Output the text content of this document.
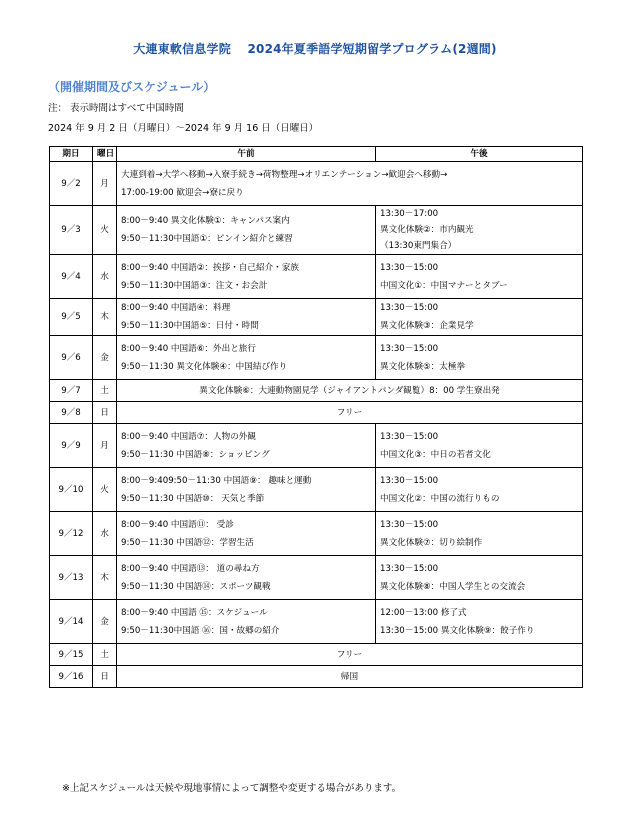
大連東軟信息学院　 2024年夏季語学短期留学プログラム(2週間)
（開催期間及びスケジュール）
注： 表示時間はすべて中国時間
2024 年 9 月 2 日（月曜日）～2024 年 9 月 16 日（日曜日）
期日	曜日	午前	午後
9／2	月	大連到着→大学へ移動→入寮手続き→荷物整理→オリエンテーション→歓迎会へ移動→
17:00-19:00 歓迎会→寮に戻り	

9／3	火	8:00－9:40 異文化体験①：キャンパス案内
9:50－11:30中国語①：ピンイン紹介と練習	13:30－17:00
異文化体験②：市内観光
（13:30東門集合）

9／4	水	8:00－9:40 中国語②：挨拶・自己紹介・家族
9:50－11:30中国語③：注文・お会計	13:30－15:00
中国文化①：中国マナーとタブー

9／5	木	8:00－9:40 中国語④：料理
9:50－11:30中国語⑤：日付・時間	13:30－15:00
異文化体験③：企業見学

9／6	金	8:00－9:40 中国語⑥：外出と旅行
9:50－11:30 異文化体験④：中国結び作り	13:30－15:00
異文化体験⑤：太極拳

9／7	土	異文化体験⑥：大連動物園見学（ジャイアントパンダ観覧）8：00 学生寮出発	
9／8	日	フリー	
9／9	月	8:00－9:40 中国語⑦：人物の外観
9:50－11:30 中国語⑧：ショッピング	13:30－15:00
中国文化③：中日の若者文化

9／10	火	8:00－9:409:50－11:30 中国語⑨： 趣味と運動
9:50－11:30 中国語⑩： 天気と季節	13:30－15:00
中国文化②：中国の流行りもの

9／12	水	8:00－9:40 中国語⑪： 受診
9:50－11:30 中国語⑫：学習生活	13:30－15:00
異文化体験⑦：切り絵制作

9／13	木	8:00－9:40 中国語⑬： 道の尋ね方
9:50－11:30 中国語⑭：スポーツ観戦	13:30－15:00
異文化体験⑧：中国人学生との交流会

9／14	金	8:00－9:40 中国語 ⑮：スケジュール
9:50－11:30中国語 ⑯：国・故郷の紹介	12:00－13:00 修了式
13:30－15:00 異文化体験⑨：餃子作り

9／15	土	フリー	
9／16	日	帰国	
※上記スケジュールは天候や現地事情によって調整や変更する場合があります。
